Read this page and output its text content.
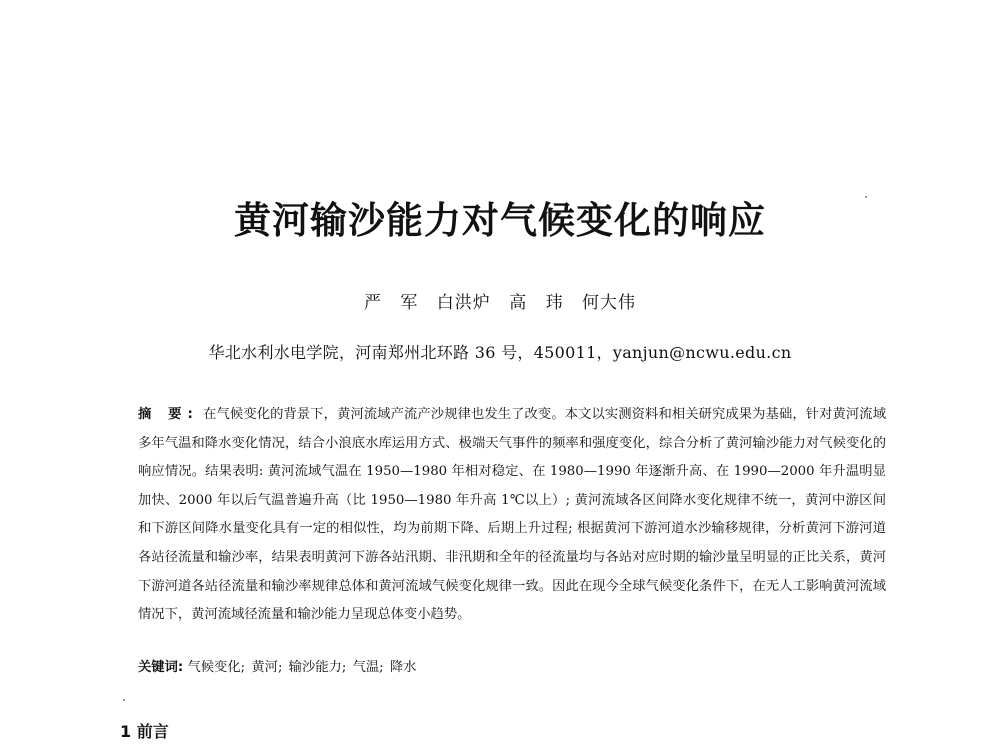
黄河输沙能力对气候变化的响应
严 军 白洪炉 高 玮 何大伟
华北水利水电学院，河南郑州北环路 36 号，450011，yanjun@ncwu.edu.cn

摘 要: 在气候变化的背景下，黄河流域产流产沙规律也发生了改变。本文以实测资料和相关研究成果为基础，针对黄河流域多年气温和降水变化情况，结合小浪底水库运用方式、极端天气事件的频率和强度变化，综合分析了黄河输沙能力对气候变化的响应情况。结果表明: 黄河流域气温在 1950—1980 年相对稳定、在 1980—1990 年逐渐升高、在 1990—2000 年升温明显加快、2000 年以后气温普遍升高（比 1950—1980 年升高 1℃以上）; 黄河流域各区间降水变化规律不统一，黄河中游区间和下游区间降水量变化具有一定的相似性，均为前期下降、后期上升过程; 根据黄河下游河道水沙输移规律，分析黄河下游河道各站径流量和输沙率，结果表明黄河下游各站汛期、非汛期和全年的径流量均与各站对应时期的输沙量呈明显的正比关系，黄河下游河道各站径流量和输沙率规律总体和黄河流域气候变化规律一致。因此在现今全球气候变化条件下，在无人工影响黄河流域情况下，黄河流域径流量和输沙能力呈现总体变小趋势。

关键词: 气候变化; 黄河; 输沙能力; 气温; 降水
1 前言
